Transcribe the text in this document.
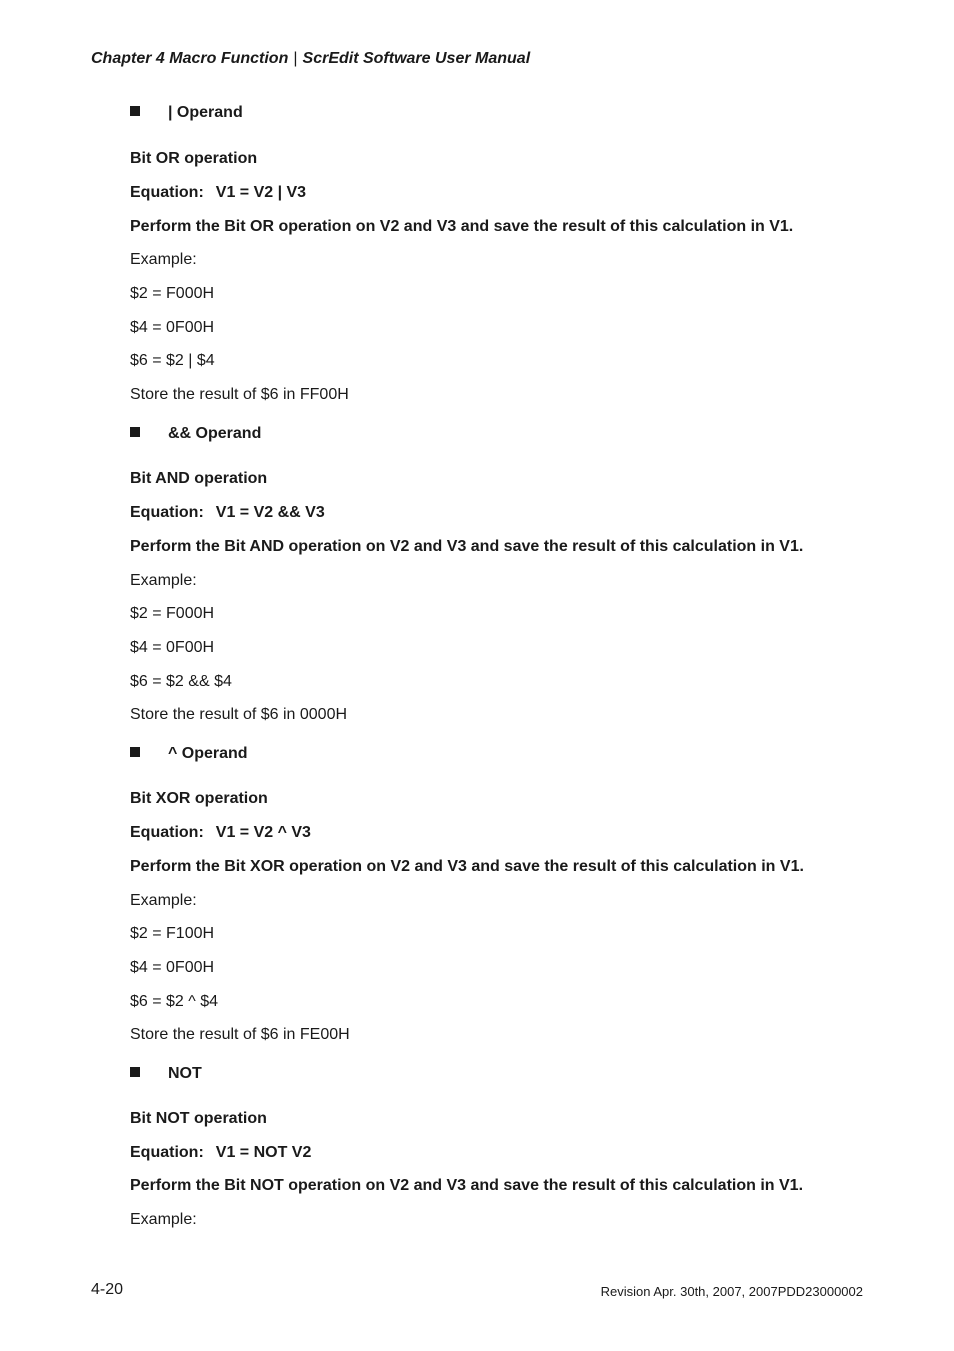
Chapter 4 Macro Function | ScrEdit Software User Manual
| Operand
Bit OR operation
Equation: V1 = V2 | V3
Perform the Bit OR operation on V2 and V3 and save the result of this calculation in V1.
Example:
$2 = F000H
$4 = 0F00H
$6 = $2 | $4
Store the result of $6 in FF00H
&& Operand
Bit AND operation
Equation: V1 = V2 && V3
Perform the Bit AND operation on V2 and V3 and save the result of this calculation in V1.
Example:
$2 = F000H
$4 = 0F00H
$6 = $2 && $4
Store the result of $6 in 0000H
^ Operand
Bit XOR operation
Equation: V1 = V2 ^ V3
Perform the Bit XOR operation on V2 and V3 and save the result of this calculation in V1.
Example:
$2 = F100H
$4 = 0F00H
$6 = $2 ^ $4
Store the result of $6 in FE00H
NOT
Bit NOT operation
Equation: V1 = NOT V2
Perform the Bit NOT operation on V2 and V3 and save the result of this calculation in V1.
Example:
4-20	Revision Apr. 30th, 2007, 2007PDD23000002
